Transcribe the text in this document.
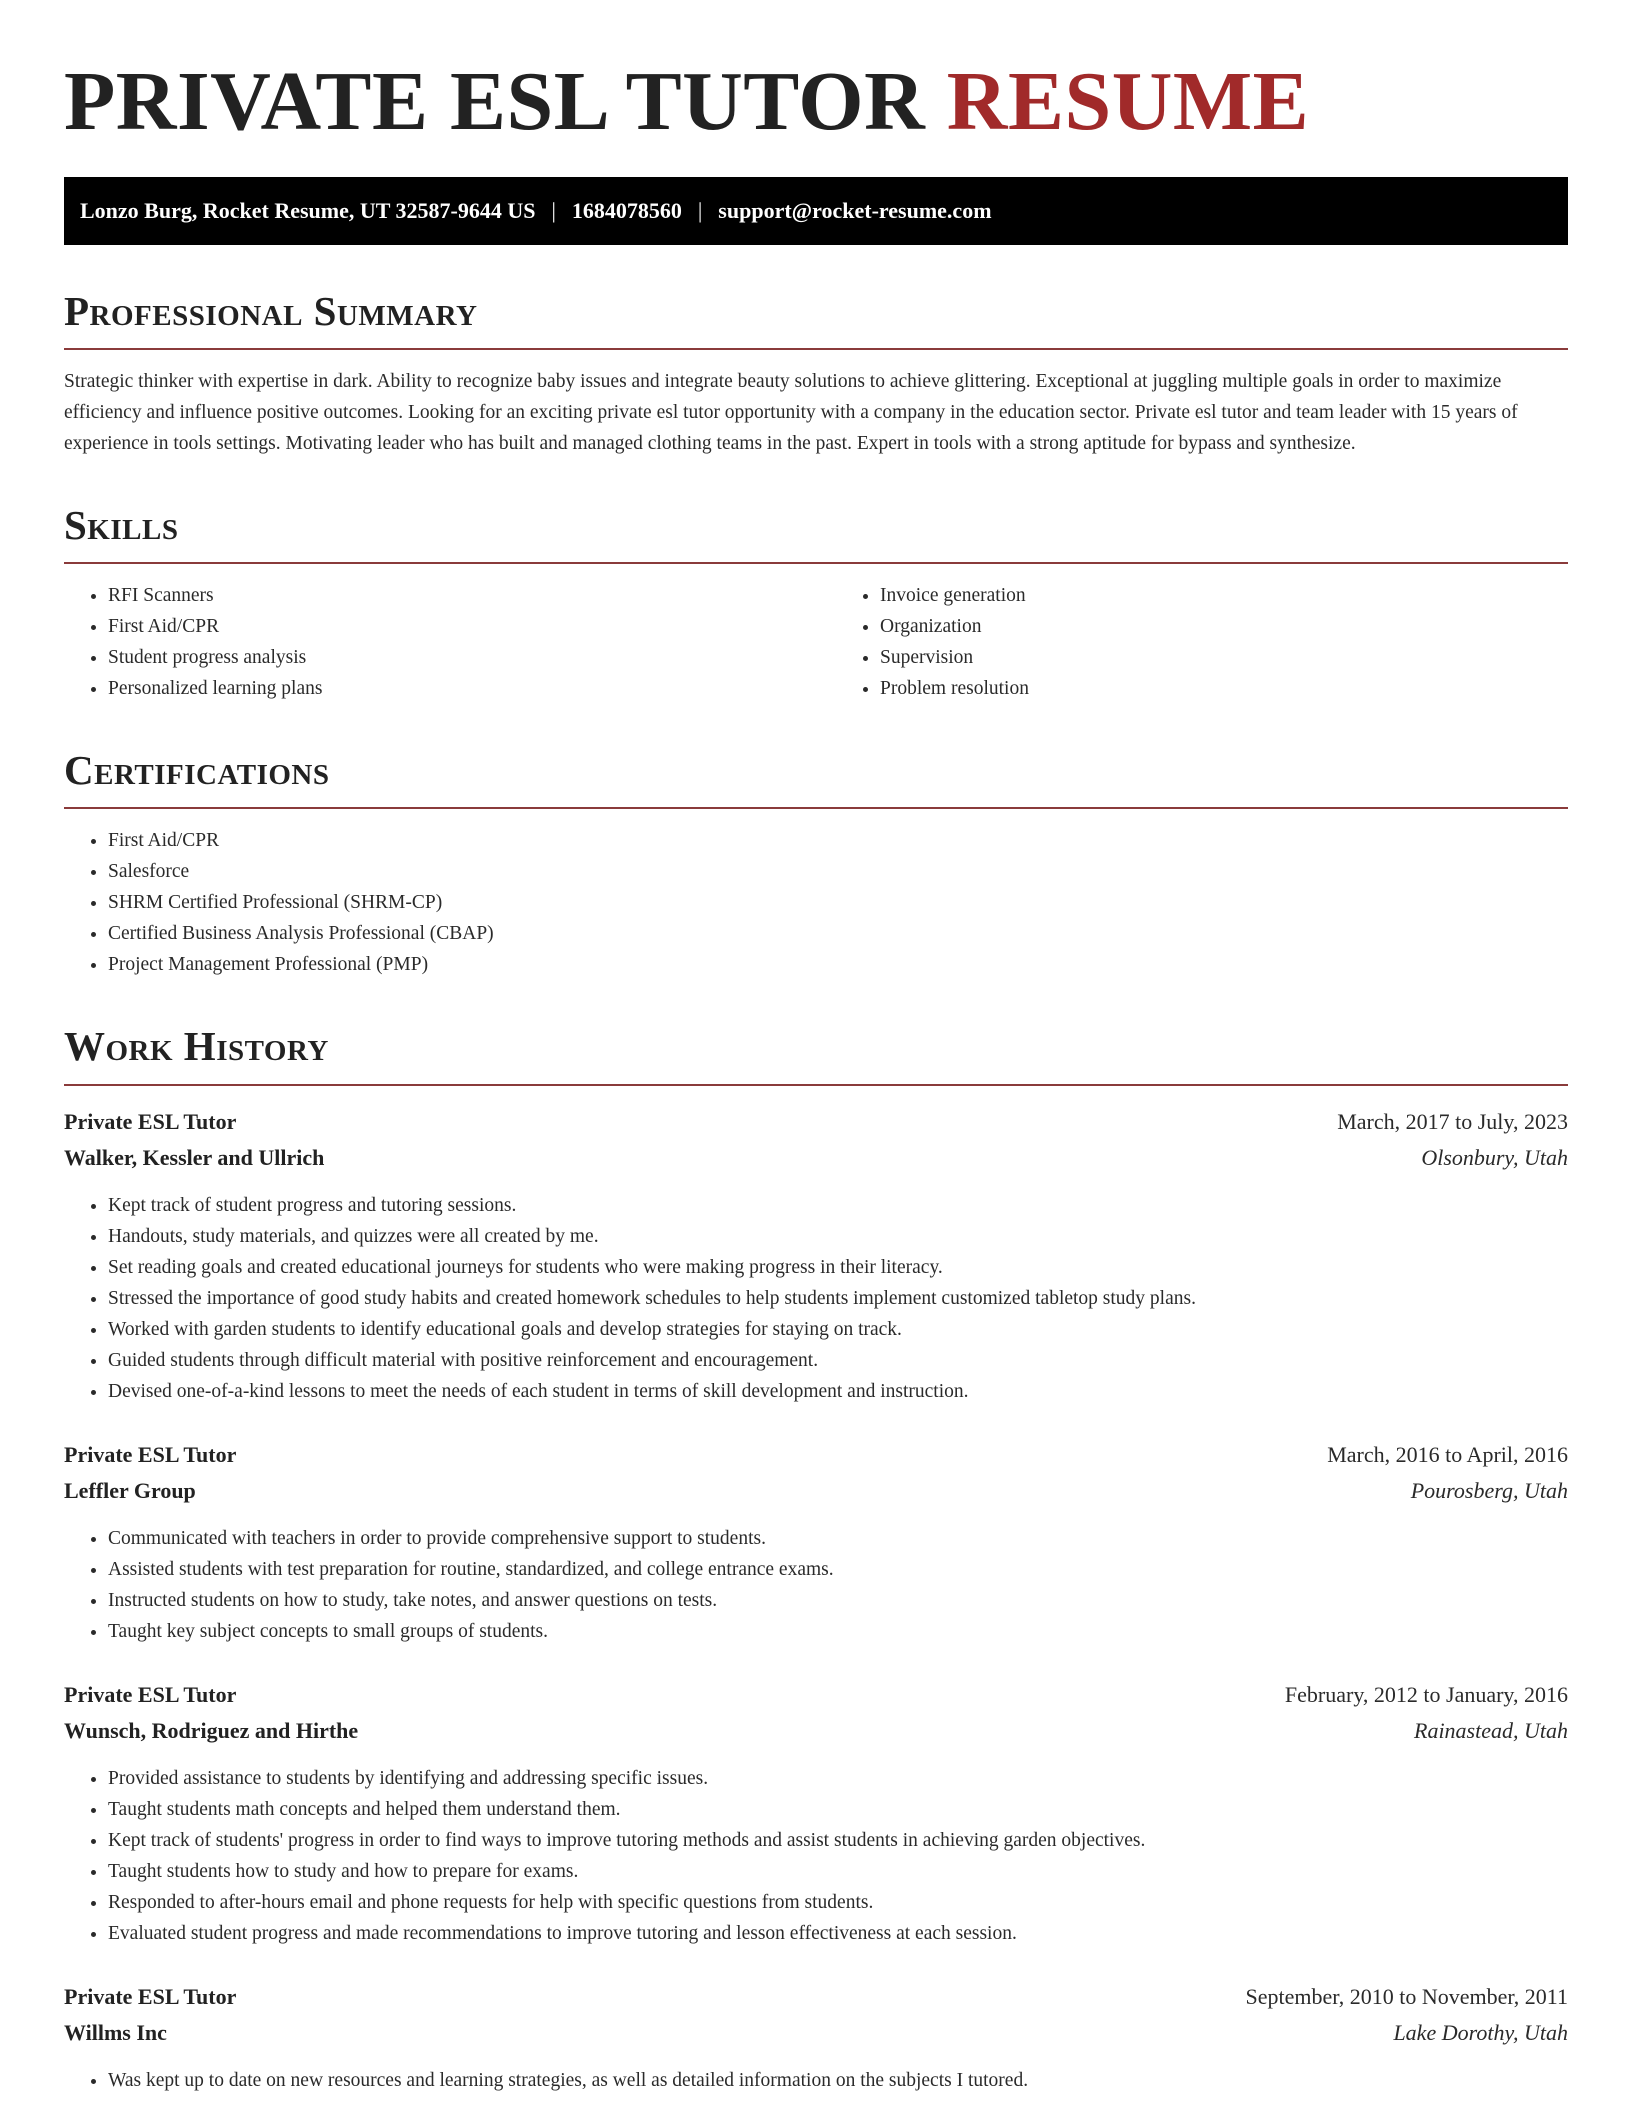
PRIVATE ESL TUTOR RESUME
Lonzo Burg, Rocket Resume, UT 32587-9644 US | 1684078560 | support@rocket-resume.com
Professional Summary

Strategic thinker with expertise in dark. Ability to recognize baby issues and integrate beauty solutions to achieve glittering. Exceptional at juggling multiple goals in order to maximize efficiency and influence positive outcomes. Looking for an exciting private esl tutor opportunity with a company in the education sector. Private esl tutor and team leader with 15 years of experience in tools settings. Motivating leader who has built and managed clothing teams in the past. Expert in tools with a strong aptitude for bypass and synthesize.

Skills
• RFI Scanners
• First Aid/CPR
• Student progress analysis
• Personalized learning plans
• Invoice generation
• Organization
• Supervision
• Problem resolution
Certifications
• First Aid/CPR
• Salesforce
• SHRM Certified Professional (SHRM-CP)
• Certified Business Analysis Professional (CBAP)
• Project Management Professional (PMP)
Work History
Private ESL Tutor	March, 2017 to July, 2023
Walker, Kessler and Ullrich	Olsonbury, Utah
• Kept track of student progress and tutoring sessions.
• Handouts, study materials, and quizzes were all created by me.
• Set reading goals and created educational journeys for students who were making progress in their literacy.
• Stressed the importance of good study habits and created homework schedules to help students implement customized tabletop study plans.
• Worked with garden students to identify educational goals and develop strategies for staying on track.
• Guided students through difficult material with positive reinforcement and encouragement.
• Devised one-of-a-kind lessons to meet the needs of each student in terms of skill development and instruction.
Private ESL Tutor	March, 2016 to April, 2016
Leffler Group	Pourosberg, Utah
• Communicated with teachers in order to provide comprehensive support to students.
• Assisted students with test preparation for routine, standardized, and college entrance exams.
• Instructed students on how to study, take notes, and answer questions on tests.
• Taught key subject concepts to small groups of students.
Private ESL Tutor	February, 2012 to January, 2016
Wunsch, Rodriguez and Hirthe	Rainastead, Utah
• Provided assistance to students by identifying and addressing specific issues.
• Taught students math concepts and helped them understand them.
• Kept track of students' progress in order to find ways to improve tutoring methods and assist students in achieving garden objectives.
• Taught students how to study and how to prepare for exams.
• Responded to after-hours email and phone requests for help with specific questions from students.
• Evaluated student progress and made recommendations to improve tutoring and lesson effectiveness at each session.
Private ESL Tutor	September, 2010 to November, 2011
Willms Inc	Lake Dorothy, Utah
• Was kept up to date on new resources and learning strategies, as well as detailed information on the subjects I tutored.
